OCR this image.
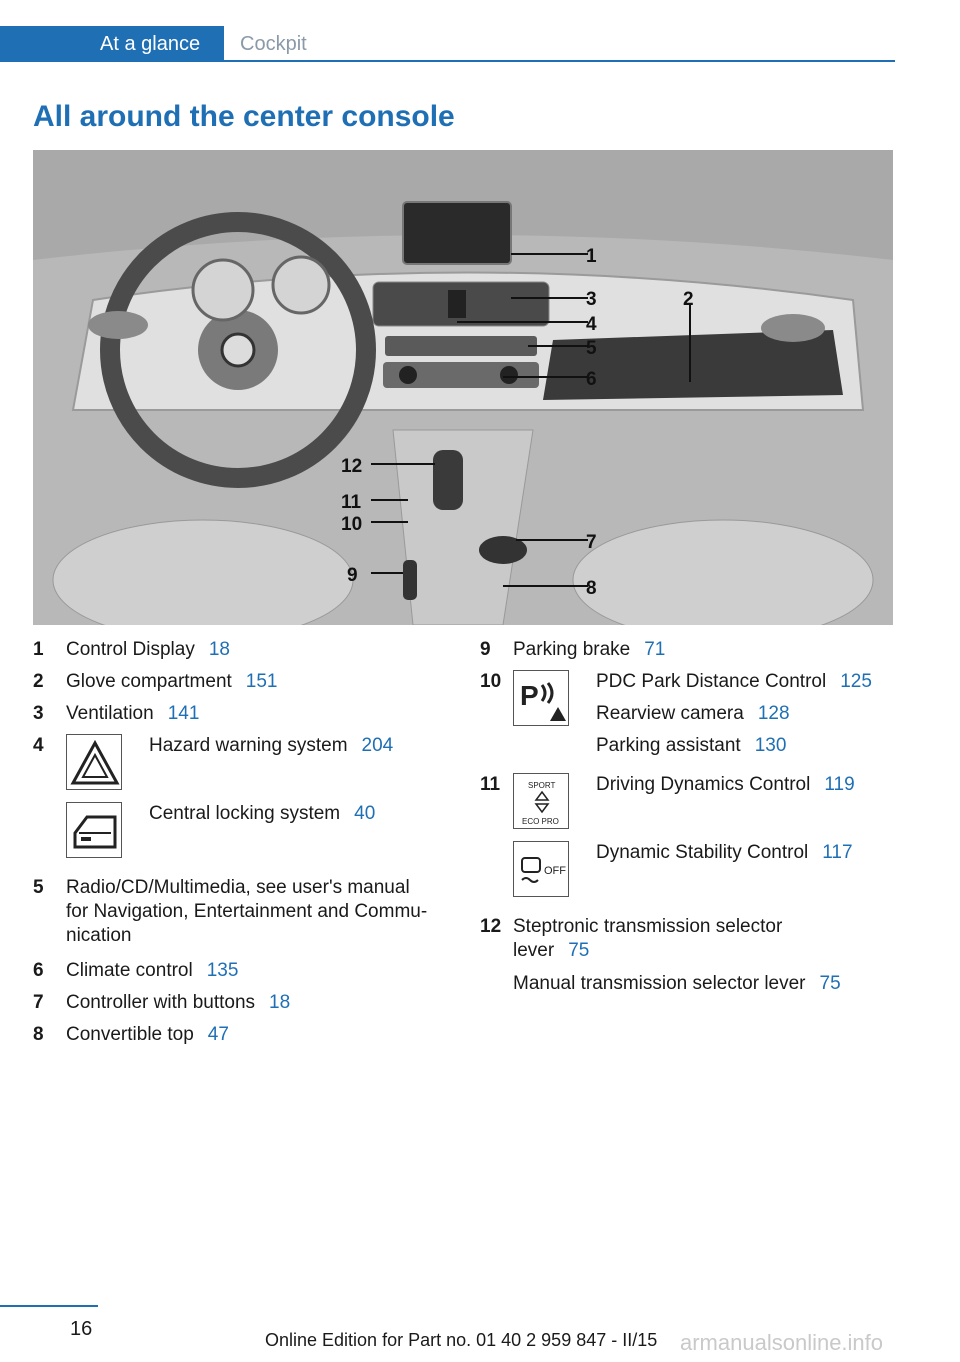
At a glance	Cockpit
All around the center console
1
2
3
4
5
6
7
8
9
10
11
12
1	Control Display 18
2	Glove compartment 151
3	Ventilation 141
4	Hazard warning system 204
Central locking system 40
5	Radio/CD/Multimedia, see user's manual for Navigation, Entertainment and Commu-nication
6	Climate control 135
7	Controller with buttons 18
8	Convertible top 47
9	Parking brake 71
10 P	PDC Park Distance Control 125
Rearview camera 128
Parking assistant 130
11	SPORT
ECO PRO
Driving Dynamics Control 119
OFF
Dynamic Stability Control 117
12 Steptronic transmission selector lever 75
Manual transmission selector lever 75
16	Online Edition for Part no. 01 40 2 959 847 - II/15 armanualsonline.info
